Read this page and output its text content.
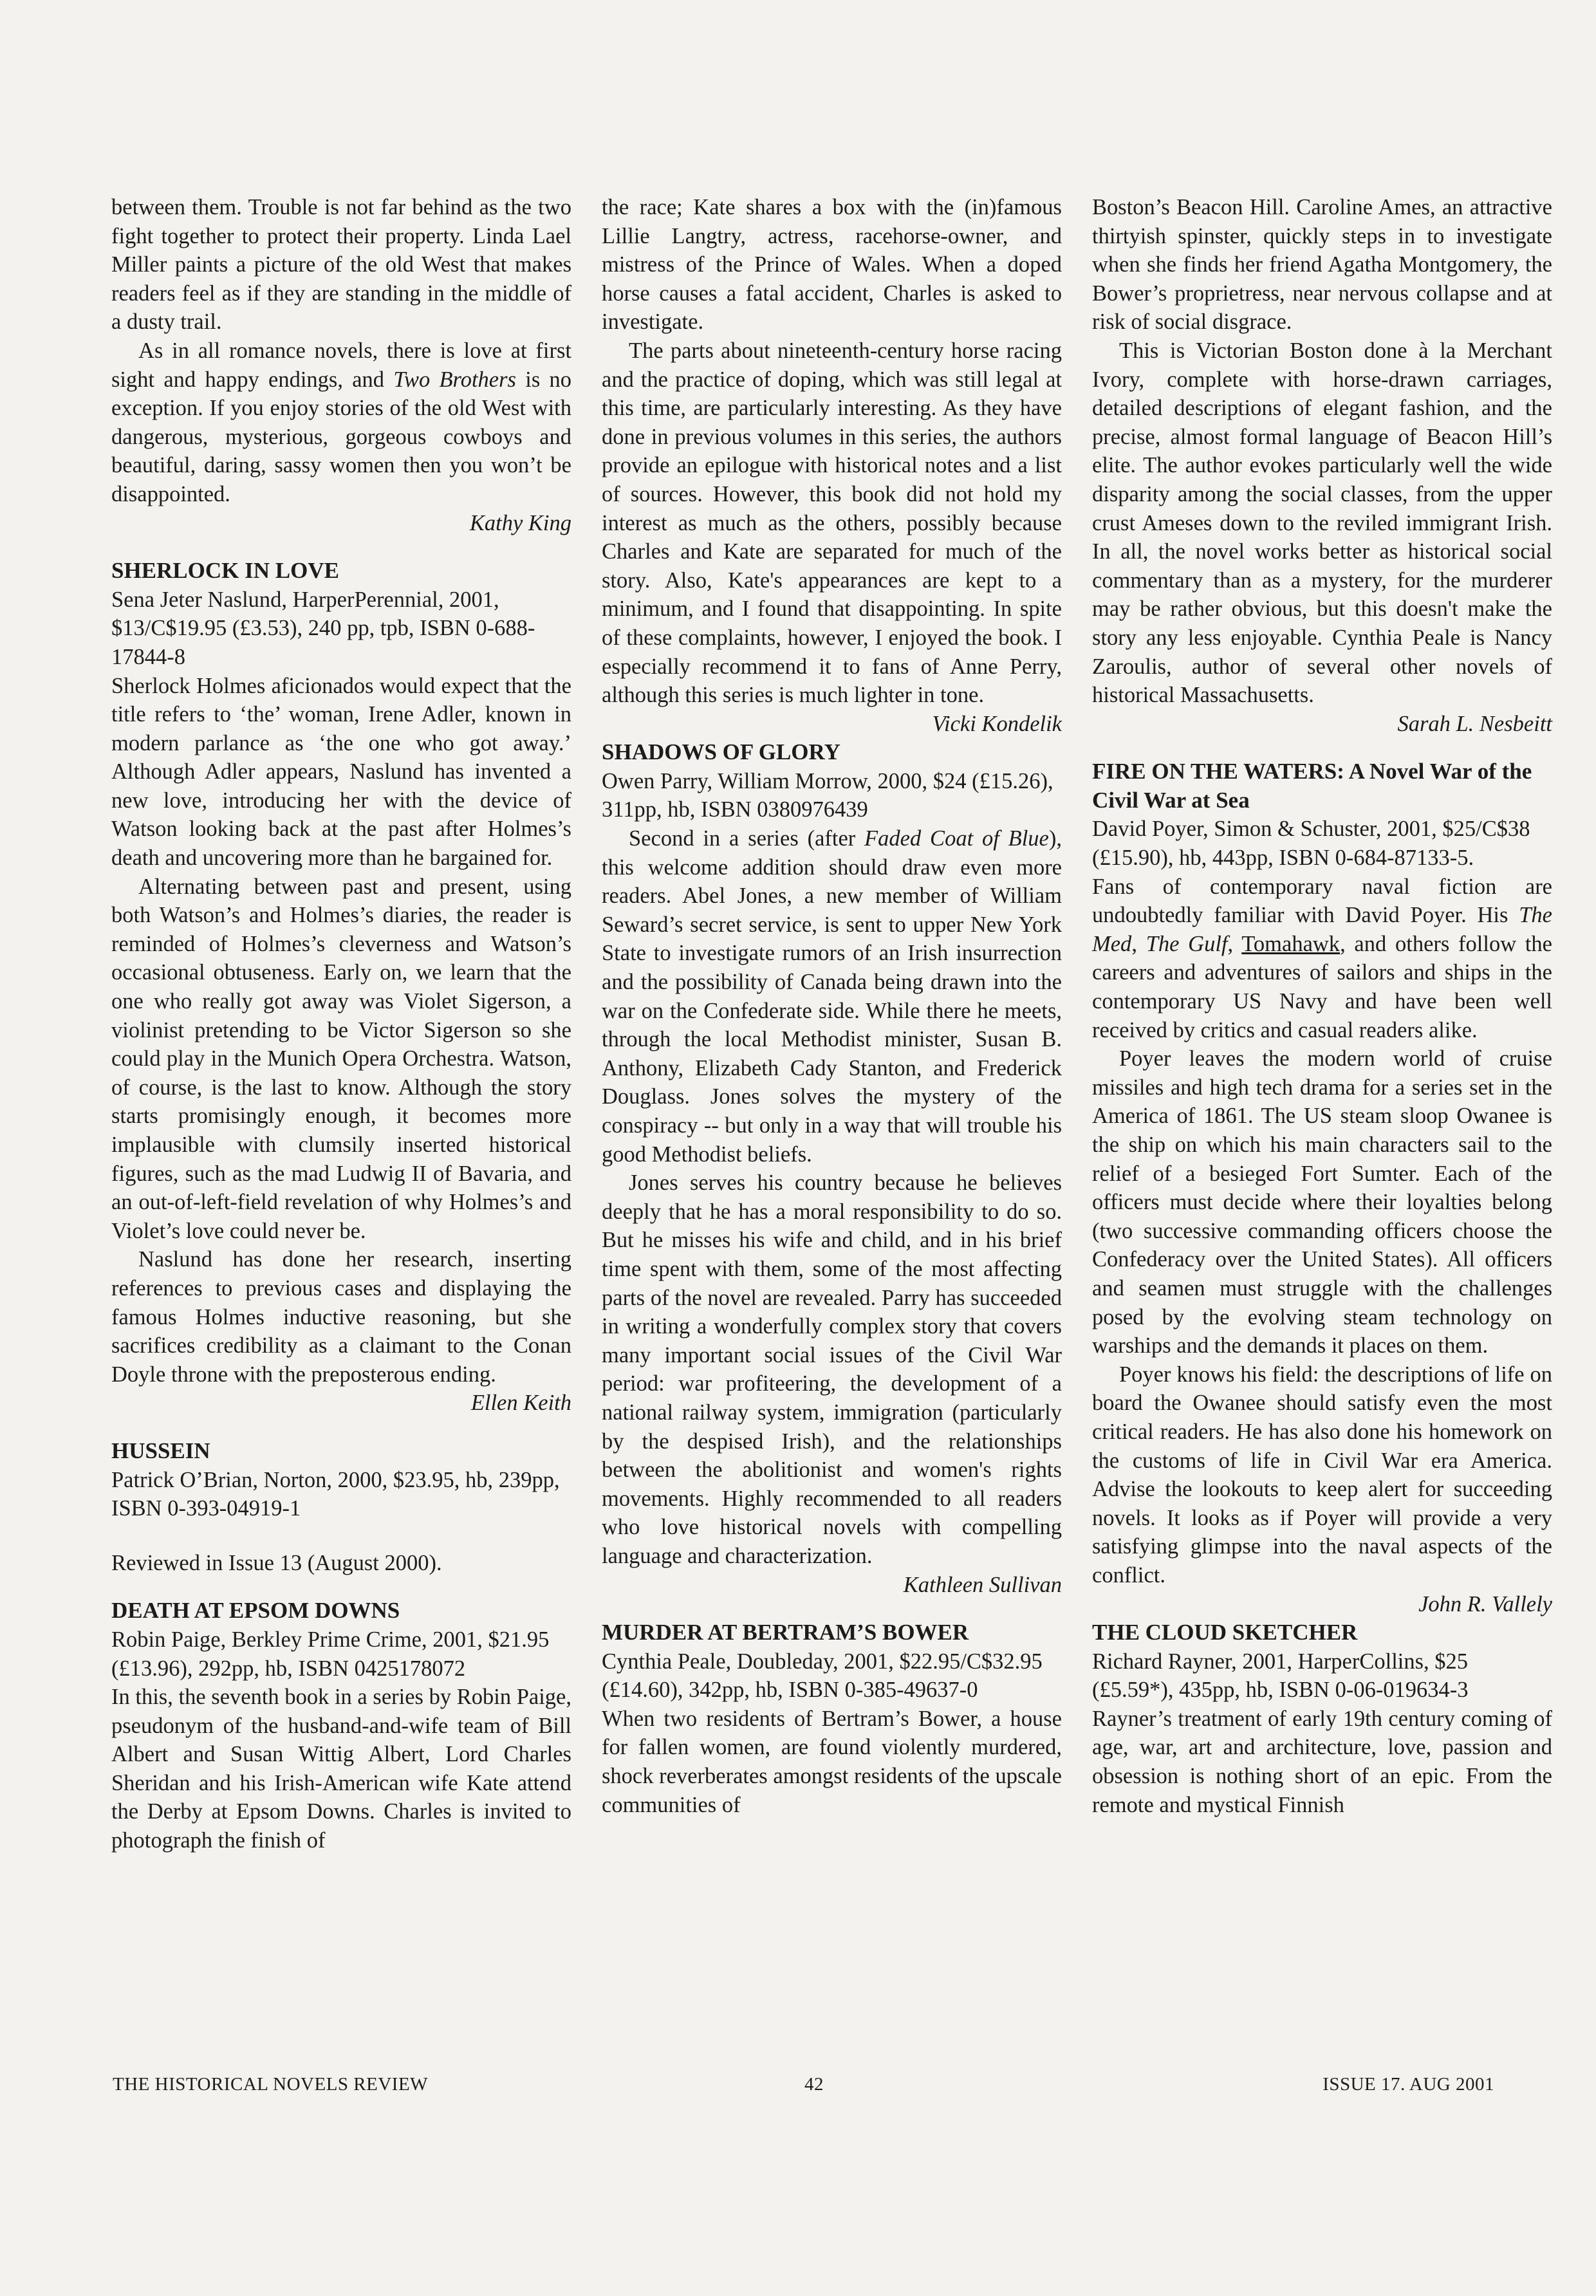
between them. Trouble is not far behind as the two fight together to protect their property. Linda Lael Miller paints a picture of the old West that makes readers feel as if they are standing in the middle of a dusty trail.

As in all romance novels, there is love at first sight and happy endings, and Two Brothers is no exception. If you enjoy stories of the old West with dangerous, mysterious, gorgeous cowboys and beautiful, daring, sassy women then you won’t be disappointed.

Kathy King

SHERLOCK IN LOVE

Sena Jeter Naslund, HarperPerennial, 2001, $13/C$19.95 (£3.53), 240 pp, tpb, ISBN 0-688-17844-8

Sherlock Holmes aficionados would expect that the title refers to ‘the’ woman, Irene Adler, known in modern parlance as ‘the one who got away.’ Although Adler appears, Naslund has invented a new love, introducing her with the device of Watson looking back at the past after Holmes’s death and uncovering more than he bargained for.

Alternating between past and present, using both Watson’s and Holmes’s diaries, the reader is reminded of Holmes’s cleverness and Watson’s occasional obtuseness. Early on, we learn that the one who really got away was Violet Sigerson, a violinist pretending to be Victor Sigerson so she could play in the Munich Opera Orchestra. Watson, of course, is the last to know. Although the story starts promisingly enough, it becomes more implausible with clumsily inserted historical figures, such as the mad Ludwig II of Bavaria, and an out-of-left-field revelation of why Holmes’s and Violet’s love could never be.

Naslund has done her research, inserting references to previous cases and displaying the famous Holmes inductive reasoning, but she sacrifices credibility as a claimant to the Conan Doyle throne with the preposterous ending.

Ellen Keith

HUSSEIN

Patrick O’Brian, Norton, 2000, $23.95, hb, 239pp, ISBN 0-393-04919-1

Reviewed in Issue 13 (August 2000).

DEATH AT EPSOM DOWNS

Robin Paige, Berkley Prime Crime, 2001, $21.95 (£13.96), 292pp, hb, ISBN 0425178072

In this, the seventh book in a series by Robin Paige, pseudonym of the husband-and-wife team of Bill Albert and Susan Wittig Albert, Lord Charles Sheridan and his Irish-American wife Kate attend the Derby at Epsom Downs. Charles is invited to photograph the finish of

the race; Kate shares a box with the (in)famous Lillie Langtry, actress, racehorse-owner, and mistress of the Prince of Wales. When a doped horse causes a fatal accident, Charles is asked to investigate.

The parts about nineteenth-century horse racing and the practice of doping, which was still legal at this time, are particularly interesting. As they have done in previous volumes in this series, the authors provide an epilogue with historical notes and a list of sources. However, this book did not hold my interest as much as the others, possibly because Charles and Kate are separated for much of the story. Also, Kate's appearances are kept to a minimum, and I found that disappointing. In spite of these complaints, however, I enjoyed the book. I especially recommend it to fans of Anne Perry, although this series is much lighter in tone.

Vicki Kondelik

SHADOWS OF GLORY

Owen Parry, William Morrow, 2000, $24 (£15.26), 311pp, hb, ISBN 0380976439

Second in a series (after Faded Coat of Blue), this welcome addition should draw even more readers. Abel Jones, a new member of William Seward’s secret service, is sent to upper New York State to investigate rumors of an Irish insurrection and the possibility of Canada being drawn into the war on the Confederate side. While there he meets, through the local Methodist minister, Susan B. Anthony, Elizabeth Cady Stanton, and Frederick Douglass. Jones solves the mystery of the conspiracy -- but only in a way that will trouble his good Methodist beliefs.

Jones serves his country because he believes deeply that he has a moral responsibility to do so. But he misses his wife and child, and in his brief time spent with them, some of the most affecting parts of the novel are revealed. Parry has succeeded in writing a wonderfully complex story that covers many important social issues of the Civil War period: war profiteering, the development of a national railway system, immigration (particularly by the despised Irish), and the relationships between the abolitionist and women's rights movements. Highly recommended to all readers who love historical novels with compelling language and characterization.

Kathleen Sullivan

MURDER AT BERTRAM’S BOWER

Cynthia Peale, Doubleday, 2001, $22.95/C$32.95 (£14.60), 342pp, hb, ISBN 0-385-49637-0

When two residents of Bertram’s Bower, a house for fallen women, are found violently murdered, shock reverberates amongst residents of the upscale communities of

Boston’s Beacon Hill. Caroline Ames, an attractive thirtyish spinster, quickly steps in to investigate when she finds her friend Agatha Montgomery, the Bower’s proprietress, near nervous collapse and at risk of social disgrace.

This is Victorian Boston done à la Merchant Ivory, complete with horse-drawn carriages, detailed descriptions of elegant fashion, and the precise, almost formal language of Beacon Hill’s elite. The author evokes particularly well the wide disparity among the social classes, from the upper crust Ameses down to the reviled immigrant Irish. In all, the novel works better as historical social commentary than as a mystery, for the murderer may be rather obvious, but this doesn't make the story any less enjoyable. Cynthia Peale is Nancy Zaroulis, author of several other novels of historical Massachusetts.

Sarah L. Nesbeitt

FIRE ON THE WATERS: A Novel War of the Civil War at Sea

David Poyer, Simon & Schuster, 2001, $25/C$38 (£15.90), hb, 443pp, ISBN 0-684-87133-5.

Fans of contemporary naval fiction are undoubtedly familiar with David Poyer. His The Med, The Gulf, Tomahawk, and others follow the careers and adventures of sailors and ships in the contemporary US Navy and have been well received by critics and casual readers alike.

Poyer leaves the modern world of cruise missiles and high tech drama for a series set in the America of 1861. The US steam sloop Owanee is the ship on which his main characters sail to the relief of a besieged Fort Sumter. Each of the officers must decide where their loyalties belong (two successive commanding officers choose the Confederacy over the United States). All officers and seamen must struggle with the challenges posed by the evolving steam technology on warships and the demands it places on them.

Poyer knows his field: the descriptions of life on board the Owanee should satisfy even the most critical readers. He has also done his homework on the customs of life in Civil War era America. Advise the lookouts to keep alert for succeeding novels. It looks as if Poyer will provide a very satisfying glimpse into the naval aspects of the conflict.

John R. Vallely

THE CLOUD SKETCHER

Richard Rayner, 2001, HarperCollins, $25 (£5.59*), 435pp, hb, ISBN 0-06-019634-3

Rayner’s treatment of early 19th century coming of age, war, art and architecture, love, passion and obsession is nothing short of an epic. From the remote and mystical Finnish

THE HISTORICAL NOVELS REVIEW	42	ISSUE 17. AUG 2001
